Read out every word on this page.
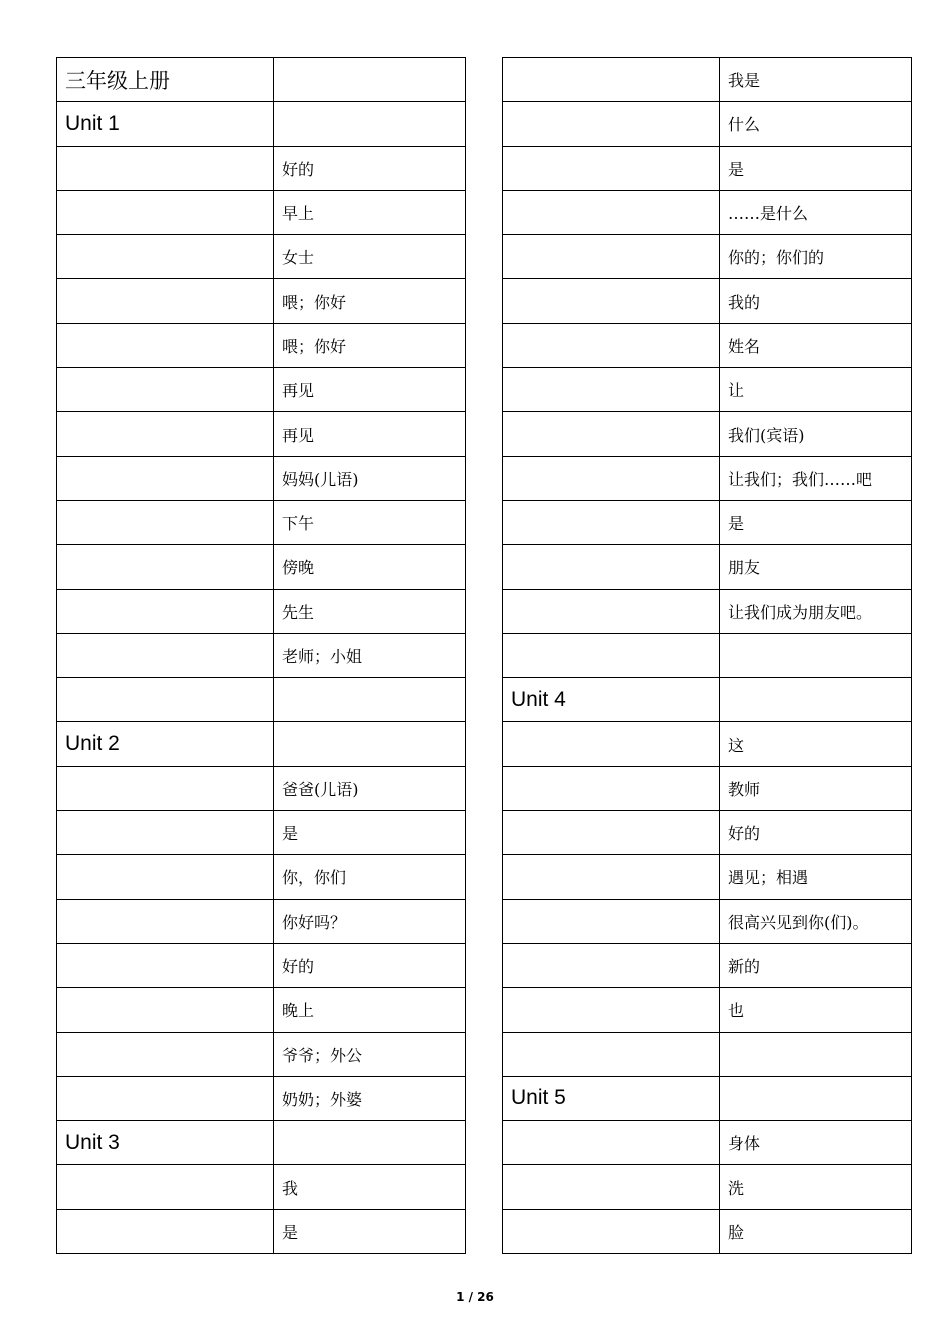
三年级上册	
Unit 1	
	好的
	早上
	女士
	喂；你好
	喂；你好
	再见
	再见
	妈妈(儿语)
	下午
	傍晚
	先生
	老师；小姐

Unit 2	
	爸爸(儿语)
	是
	你，你们
	你好吗？
	好的
	晚上
	爷爷；外公
	奶奶；外婆
Unit 3	
	我
	是
	我是
	什么
	是
	……是什么
	你的；你们的
	我的
	姓名
	让
	我们(宾语)
	让我们；我们……吧
	是
	朋友
	让我们成为朋友吧。

Unit 4	
	这
	教师
	好的
	遇见；相遇
	很高兴见到你(们)。
	新的
	也

Unit 5	
	身体
	洗
	脸
1 / 26
